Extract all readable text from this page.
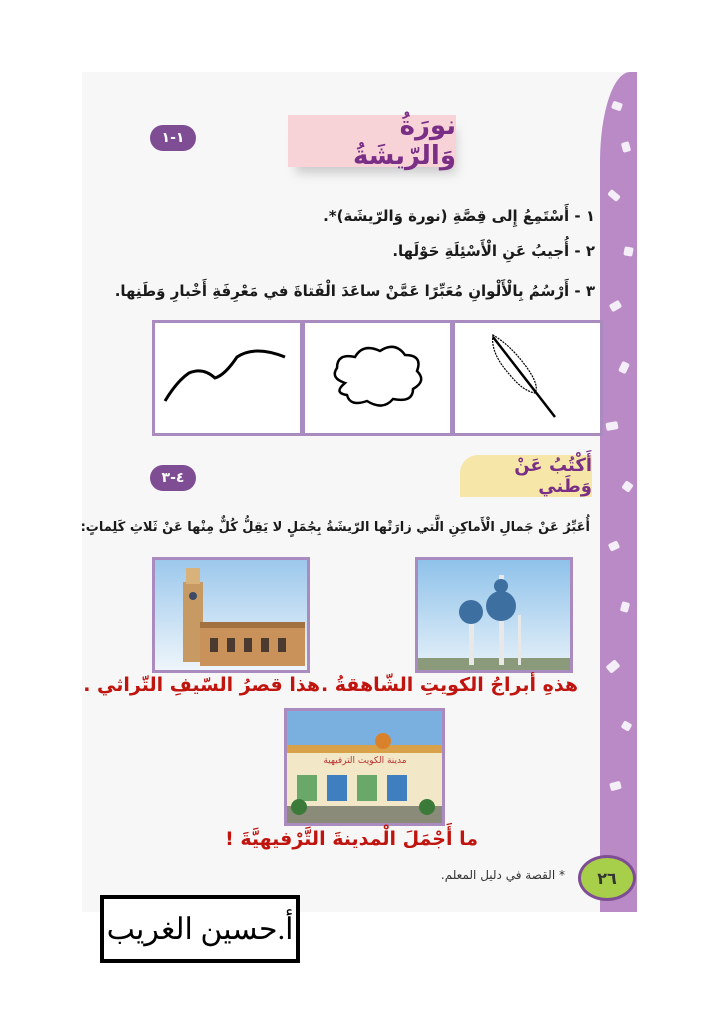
نورَةُ وَالرّيشَةُ
١-١
١ - أَسْتَمِعُ إِلى قِصَّةِ (نورة وَالرّيشَة)*.
٢ - أُجيبُ عَنِ الْأَسْئِلَةِ حَوْلَها.
٣ - أَرْسُمُ بِالْأَلْوانِ مُعَبِّرًا عَمَّنْ ساعَدَ الْفَتاةَ في مَعْرِفَةِ أَخْبارِ وَطَنِها.
٤-٣
أَكْتُبُ عَنْ وَطَني
أُعَبِّرُ عَنْ جَمالِ الْأَماكِنِ الَّتي زارَتْها الرّيشَةُ بِجُمَلٍ لا يَقِلُّ كُلٌّ مِنْها عَنْ ثَلاثِ كَلِماتٍ:
هذهِ أبراجُ الكويتِ الشّاهقةُ .
هذا قصرُ السّيفِ التّراثي .
مدينة الكويت الترفيهية
ما أَجْمَلَ الْمدينةَ التَّرْفيهيَّةَ !
٢٦
* القصة في دليل المعلم.
أ.حسين الغريب
